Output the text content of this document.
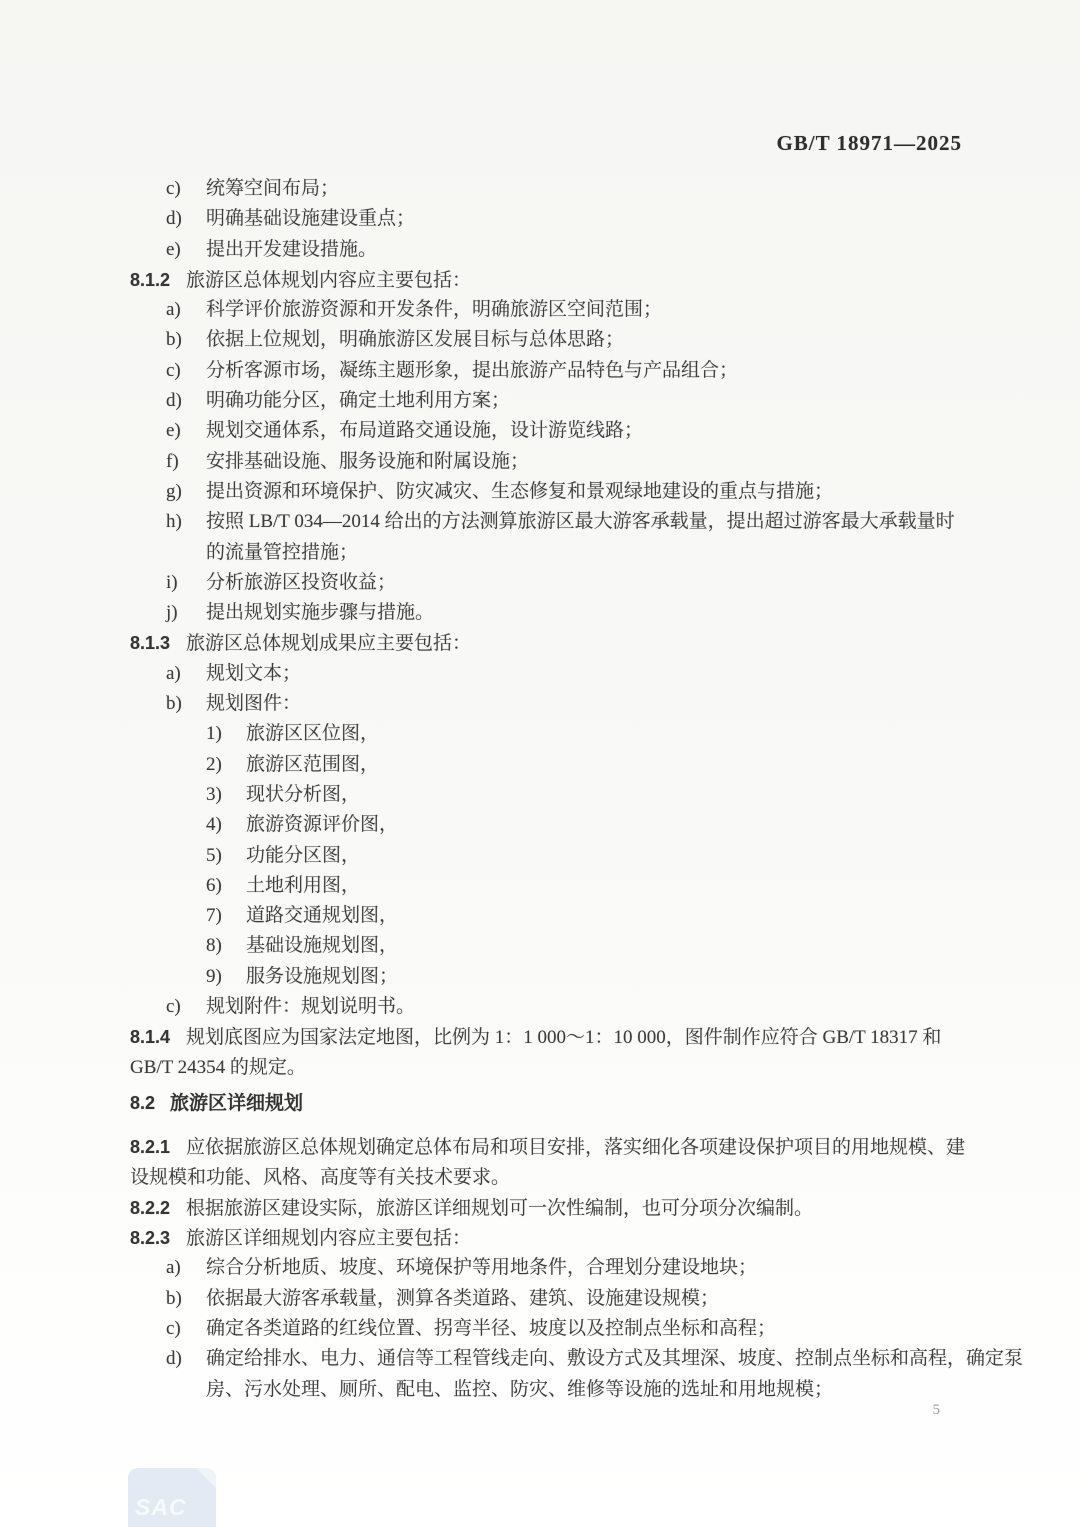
GB/T 18971—2025
c) 统筹空间布局；
d) 明确基础设施建设重点；
e) 提出开发建设措施。
8.1.2 旅游区总体规划内容应主要包括：
a) 科学评价旅游资源和开发条件，明确旅游区空间范围；
b) 依据上位规划，明确旅游区发展目标与总体思路；
c) 分析客源市场，凝练主题形象，提出旅游产品特色与产品组合；
d) 明确功能分区，确定土地利用方案；
e) 规划交通体系，布局道路交通设施，设计游览线路；
f) 安排基础设施、服务设施和附属设施；
g) 提出资源和环境保护、防灾减灾、生态修复和景观绿地建设的重点与措施；
h) 按照 LB/T 034—2014 给出的方法测算旅游区最大游客承载量，提出超过游客最大承载量时
的流量管控措施；
i) 分析旅游区投资收益；
j) 提出规划实施步骤与措施。
8.1.3 旅游区总体规划成果应主要包括：
a) 规划文本；
b) 规划图件：
1) 旅游区区位图，
2) 旅游区范围图，
3) 现状分析图，
4) 旅游资源评价图，
5) 功能分区图，
6) 土地利用图，
7) 道路交通规划图，
8) 基础设施规划图，
9) 服务设施规划图；
c) 规划附件：规划说明书。
8.1.4 规划底图应为国家法定地图，比例为 1：1 000～1：10 000，图件制作应符合 GB/T 18317 和
GB/T 24354 的规定。
8.2 旅游区详细规划
8.2.1 应依据旅游区总体规划确定总体布局和项目安排，落实细化各项建设保护项目的用地规模、建
设规模和功能、风格、高度等有关技术要求。
8.2.2 根据旅游区建设实际，旅游区详细规划可一次性编制，也可分项分次编制。
8.2.3 旅游区详细规划内容应主要包括：
a) 综合分析地质、坡度、环境保护等用地条件，合理划分建设地块；
b) 依据最大游客承载量，测算各类道路、建筑、设施建设规模；
c) 确定各类道路的红线位置、拐弯半径、坡度以及控制点坐标和高程；
d) 确定给排水、电力、通信等工程管线走向、敷设方式及其埋深、坡度、控制点坐标和高程，确定泵
房、污水处理、厕所、配电、监控、防灾、维修等设施的选址和用地规模；
5
SAC
